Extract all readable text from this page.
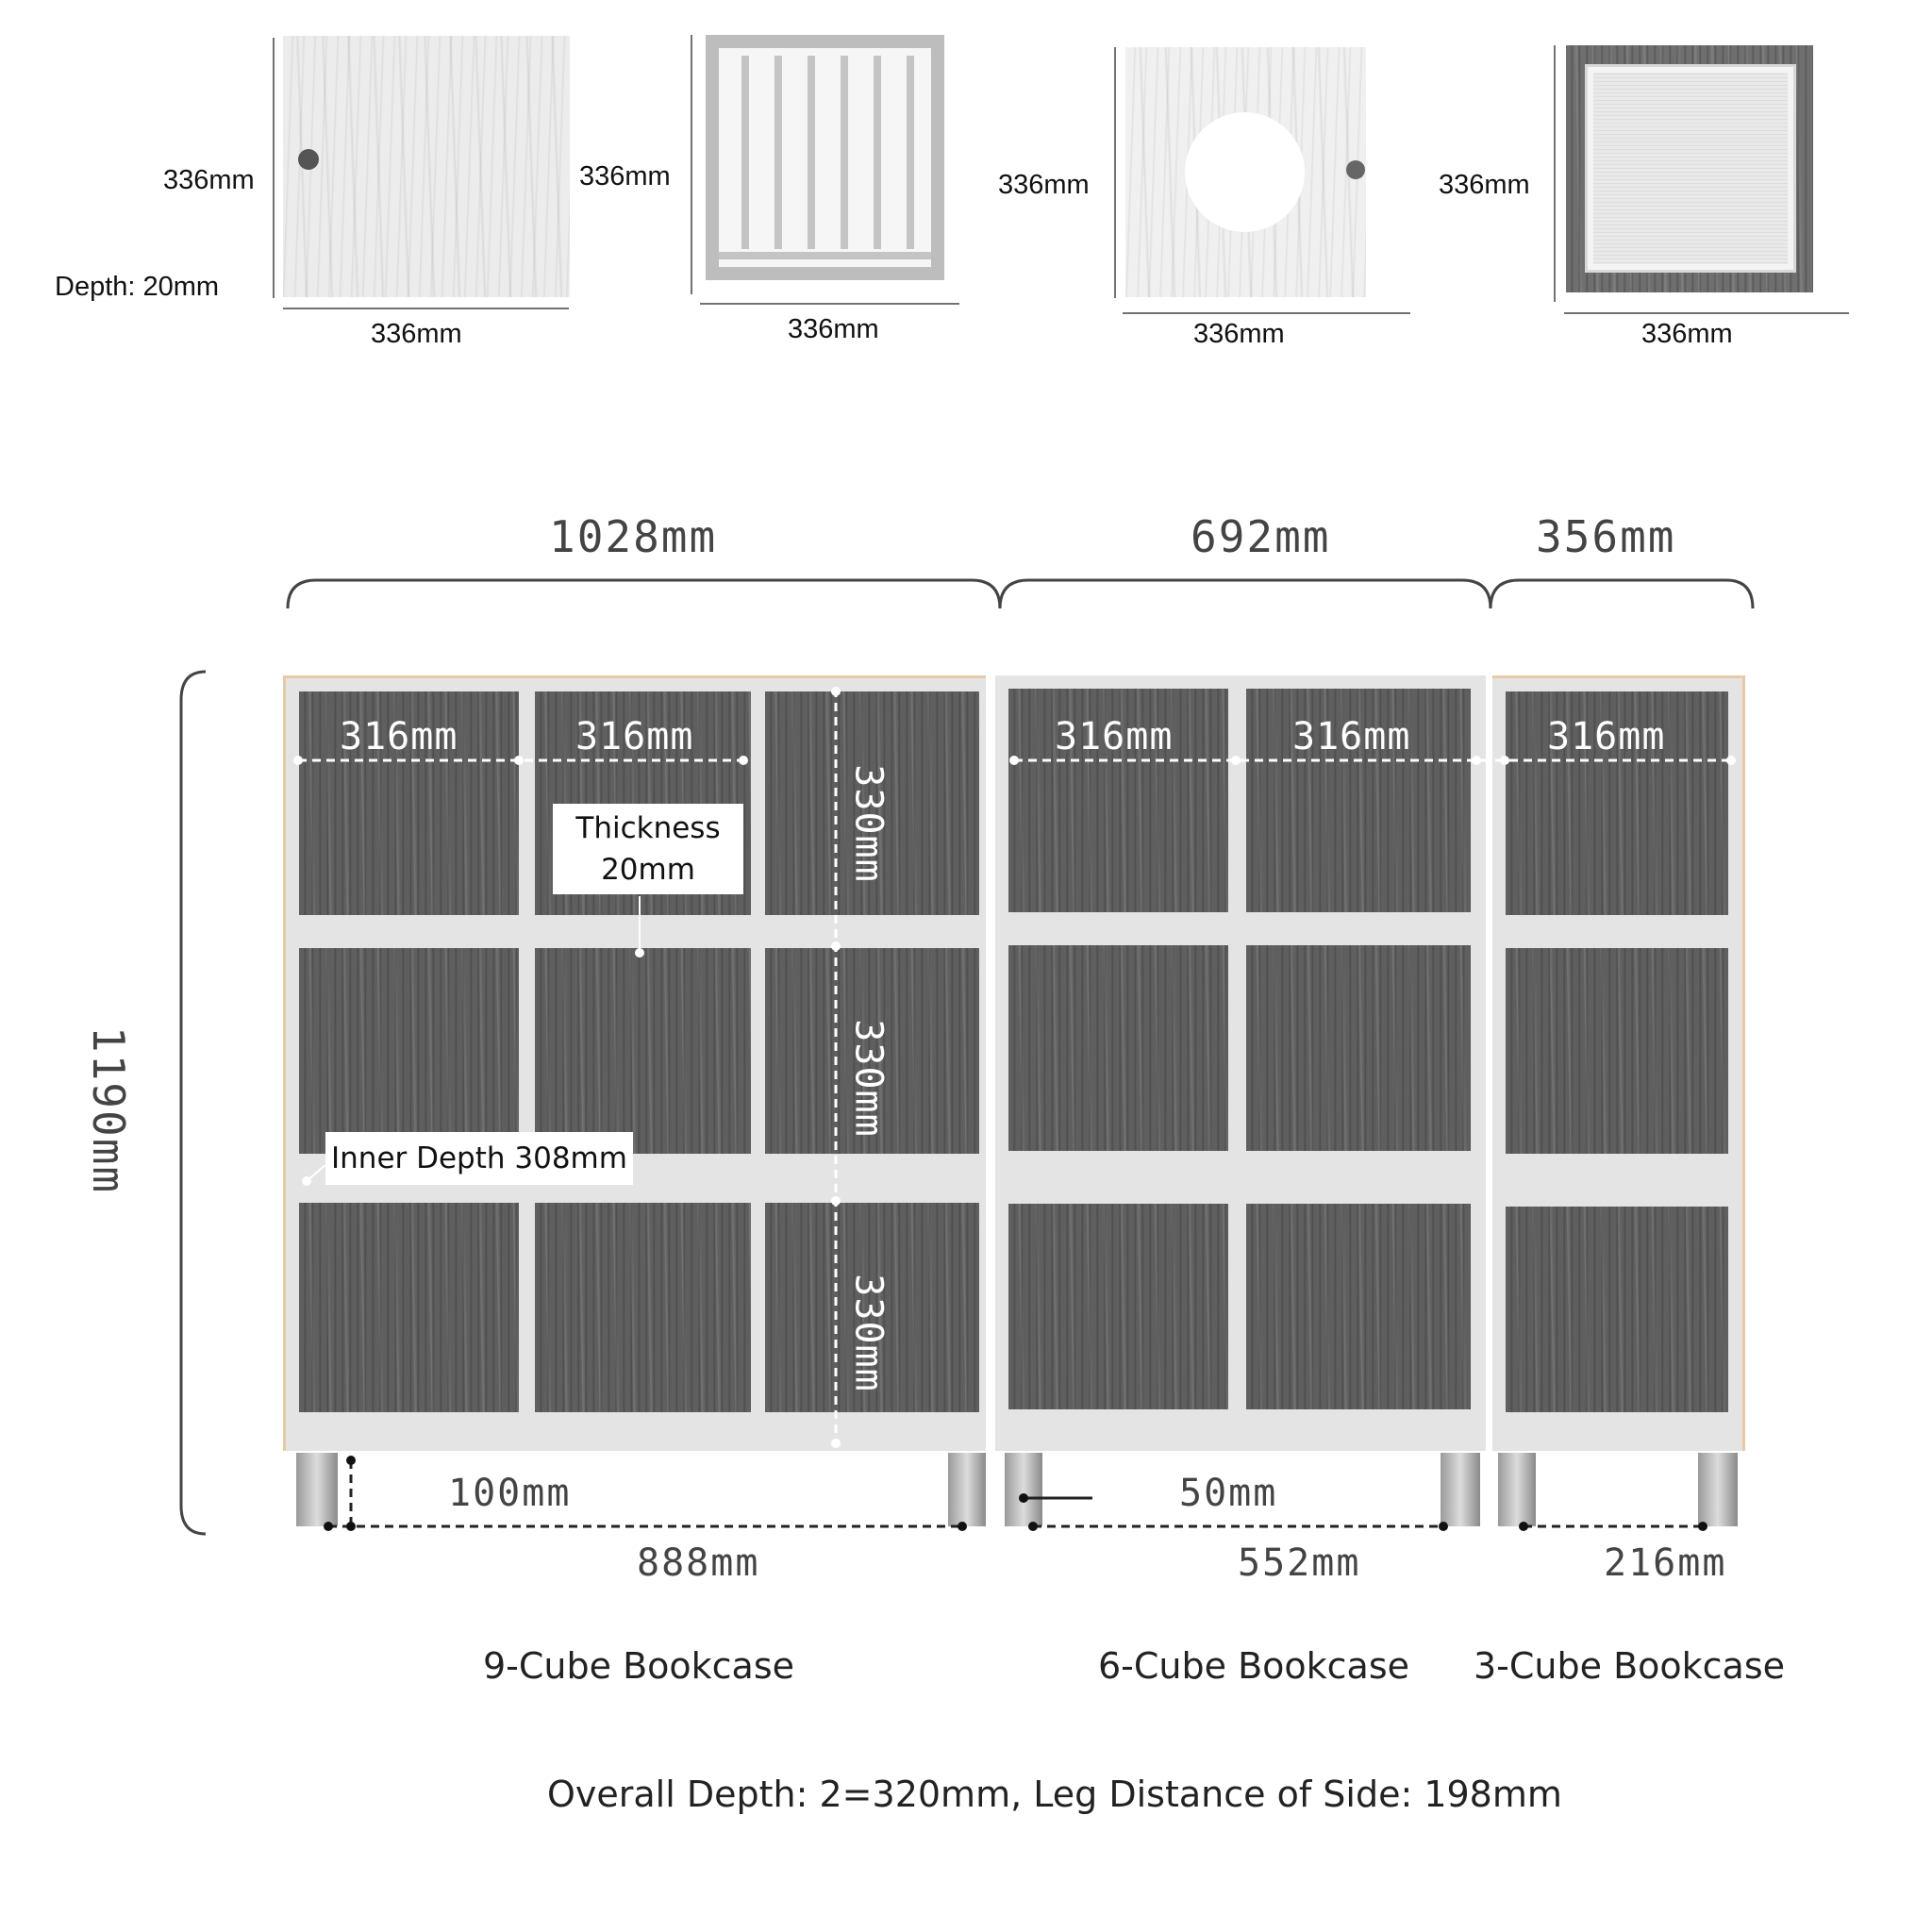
336mm
Depth: 20mm
336mm
336mm
336mm
336mm
336mm
336mm
336mm
1028mm	692mm	356mm
1190mm
316mm	316mm	316mm	316mm	316mm
330mm
330mm
330mm
Thickness
20mm
Inner Depth 308mm
100mm
888mm
50mm
552mm	216mm
9-Cube Bookcase	6-Cube Bookcase 3-Cube Bookcase
Overall Depth: 2=320mm, Leg Distance of Side: 198mm
